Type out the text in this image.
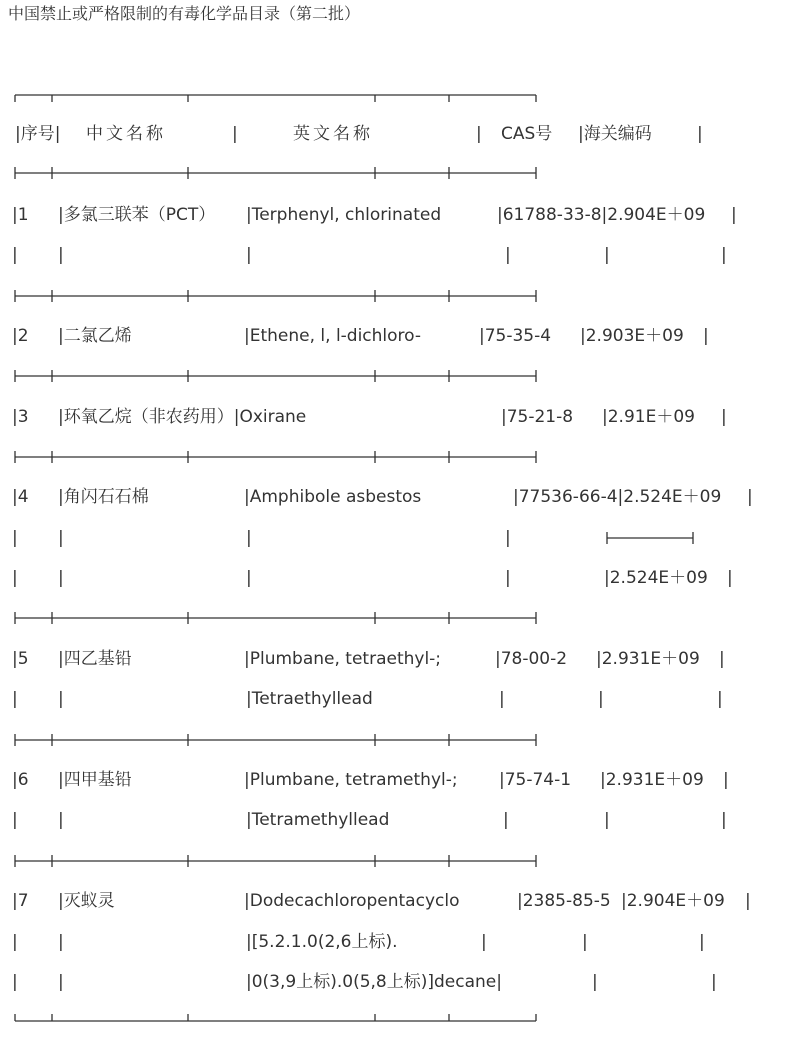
中国禁止或严格限制的有毒化学品目录（第二批）
|序号| 中文名称	|	英文名称	| CAS号 |海关编码	|
|1 |多氯三联苯（PCT） |Terphenyl, chlorinated	|61788-33-8|2.904E＋09 |
| |	|	|	|	|
|2 |二氯乙烯	|Ethene, l, l-dichloro-	|75-35-4 |2.903E＋09 |
|3 |环氧乙烷（非农药用）|Oxirane	|75-21-8 |2.91E＋09 |
|4 |角闪石石棉	|Amphibole asbestos	|77536-66-4|2.524E＋09 |
| |	|	|
| |	|	|	|2.524E＋09 |
|5 |四乙基铅	|Plumbane, tetraethyl-;	|78-00-2 |2.931E＋09 |
| |	|Tetraethyllead	|	|	|
|6 |四甲基铅	|Plumbane, tetramethyl-; |75-74-1 |2.931E＋09 |
| |	|Tetramethyllead	|	|	|
|7 |灭蚁灵	|Dodecachloropentacyclo	|2385-85-5 |2.904E＋09 |
| |	|[5.2.1.0(2,6上标).	|	|	|
| |	|0(3,9上标).0(5,8上标)]decane|	|	|
